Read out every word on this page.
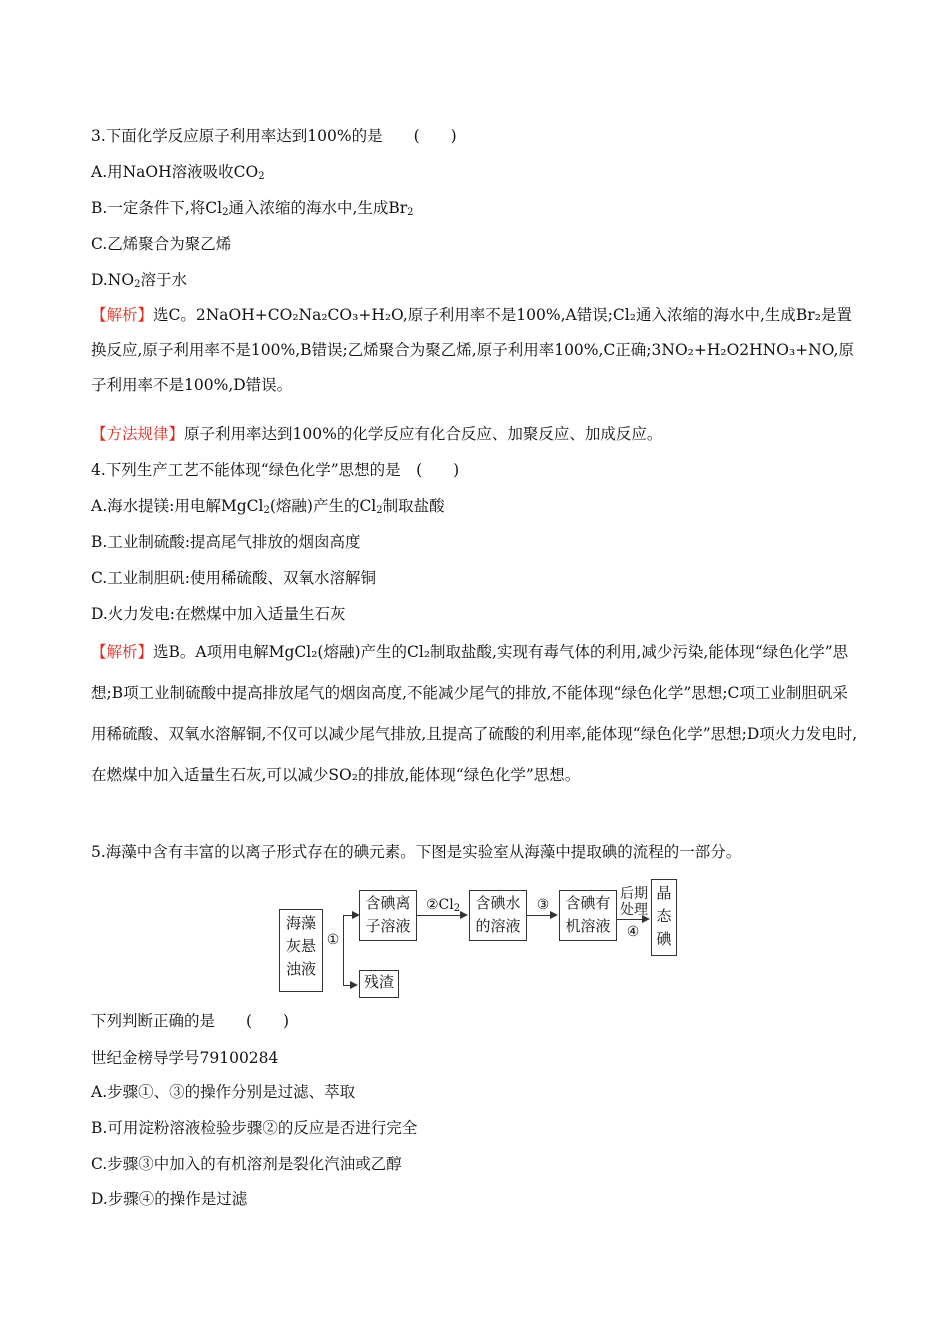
3.下面化学反应原子利用率达到100%的是　　(　　)
A.用NaOH溶液吸收$CO_2$
B.一定条件下,将$Cl_2$通入浓缩的海水中,生成$Br_2$
C.乙烯聚合为聚乙烯
$D.NO_2$溶于水
【解析】选C。2NaOH+CO₂Na₂CO₃+H₂O,原子利用率不是100%,A错误;Cl₂通入浓缩的海水中,生成Br₂是置换反应,原子利用率不是100%,B错误;乙烯聚合为聚乙烯,原子利用率100%,C正确;3NO₂+H₂O2HNO₃+NO,原子利用率不是100%,D错误。
【方法规律】原子利用率达到100%的化学反应有化合反应、加聚反应、加成反应。
4.下列生产工艺不能体现“绿色化学”思想的是　(　　)
A.海水提镁:用电解MgCl$_2$(熔融)产生的$Cl_2$制取盐酸
B.工业制硫酸:提高尾气排放的烟囱高度
C.工业制胆矾:使用稀硫酸、双氧水溶解铜
D.火力发电:在燃煤中加入适量生石灰
【解析】选B。A项用电解MgCl₂(熔融)产生的Cl₂制取盐酸,实现有毒气体的利用,减少污染,能体现“绿色化学”思想;B项工业制硫酸中提高排放尾气的烟囱高度,不能减少尾气的排放,不能体现“绿色化学”思想;C项工业制胆矾采用稀硫酸、双氧水溶解铜,不仅可以减少尾气排放,且提高了硫酸的利用率,能体现“绿色化学”思想;D项火力发电时,在燃煤中加入适量生石灰,可以减少SO₂的排放,能体现“绿色化学”思想。
5.海藻中含有丰富的以离子形式存在的碘元素。下图是实验室从海藻中提取碘的流程的一部分。
海藻
灰悬
浊液
①
含碘离
子溶液
残渣
$②Cl_2$	含碘水
的溶液
③	含碘有
机溶液
后期
处理
④
晶
态
碘
下列判断正确的是　　(　　)
世纪金榜导学号79100284
A.步骤①、③的操作分别是过滤、萃取
B.可用淀粉溶液检验步骤②的反应是否进行完全
C.步骤③中加入的有机溶剂是裂化汽油或乙醇
D.步骤④的操作是过滤
